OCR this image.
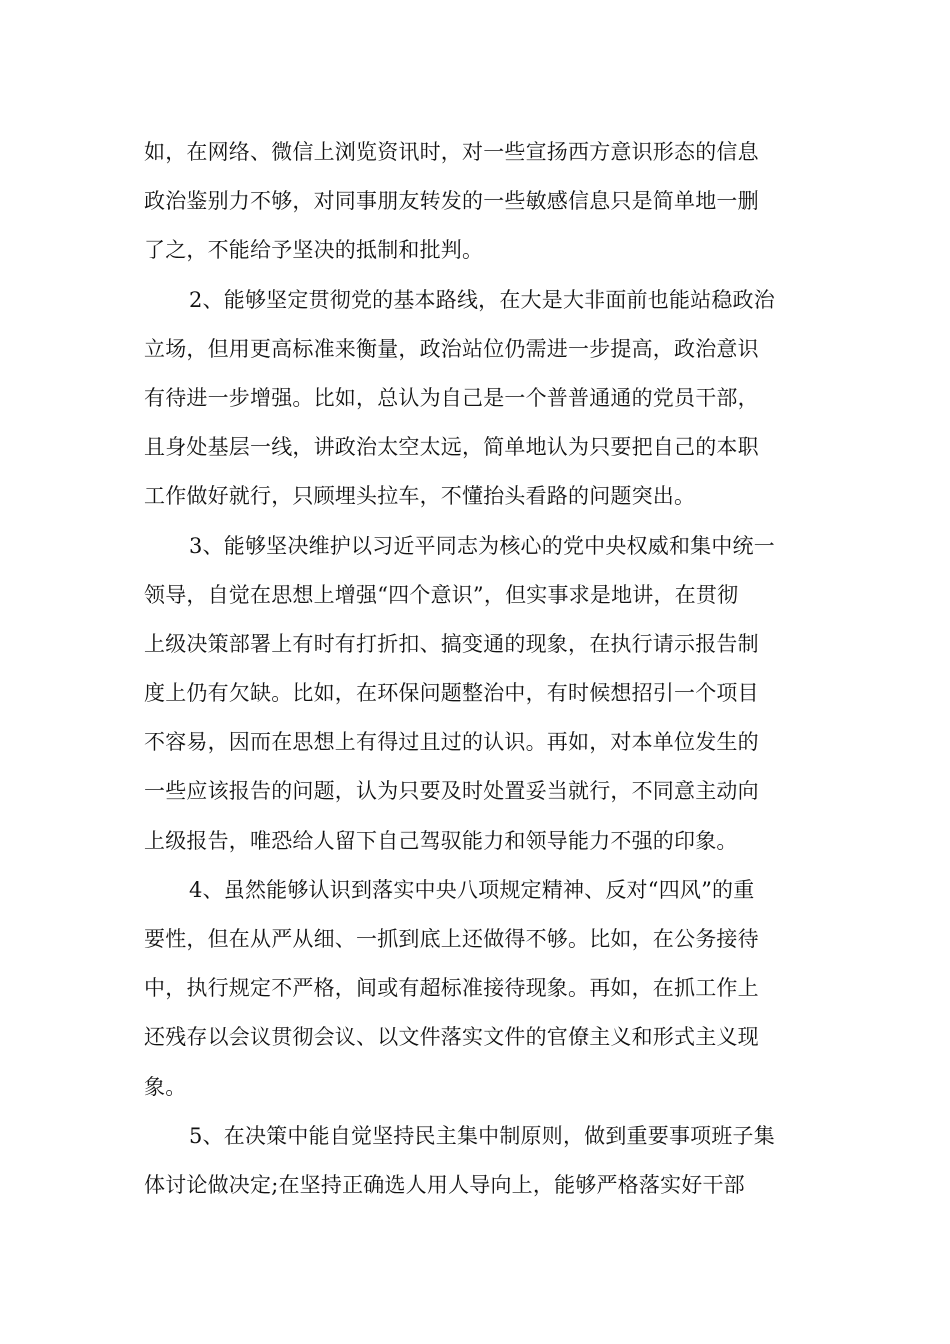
如，在网络、微信上浏览资讯时，对一些宣扬西方意识形态的信息
政治鉴别力不够，对同事朋友转发的一些敏感信息只是简单地一删
了之，不能给予坚决的抵制和批判。
2、能够坚定贯彻党的基本路线，在大是大非面前也能站稳政治
立场，但用更高标准来衡量，政治站位仍需进一步提高，政治意识
有待进一步增强。比如，总认为自己是一个普普通通的党员干部，
且身处基层一线，讲政治太空太远，简单地认为只要把自己的本职
工作做好就行，只顾埋头拉车，不懂抬头看路的问题突出。
3、能够坚决维护以习近平同志为核心的党中央权威和集中统一
领导，自觉在思想上增强“四个意识”，但实事求是地讲，在贯彻
上级决策部署上有时有打折扣、搞变通的现象，在执行请示报告制
度上仍有欠缺。比如，在环保问题整治中，有时候想招引一个项目
不容易，因而在思想上有得过且过的认识。再如，对本单位发生的
一些应该报告的问题，认为只要及时处置妥当就行，不同意主动向
上级报告，唯恐给人留下自己驾驭能力和领导能力不强的印象。
4、虽然能够认识到落实中央八项规定精神、反对“四风”的重
要性，但在从严从细、一抓到底上还做得不够。比如，在公务接待
中，执行规定不严格，间或有超标准接待现象。再如，在抓工作上
还残存以会议贯彻会议、以文件落实文件的官僚主义和形式主义现
象。
5、在决策中能自觉坚持民主集中制原则，做到重要事项班子集
体讨论做决定;在坚持正确选人用人导向上，能够严格落实好干部
